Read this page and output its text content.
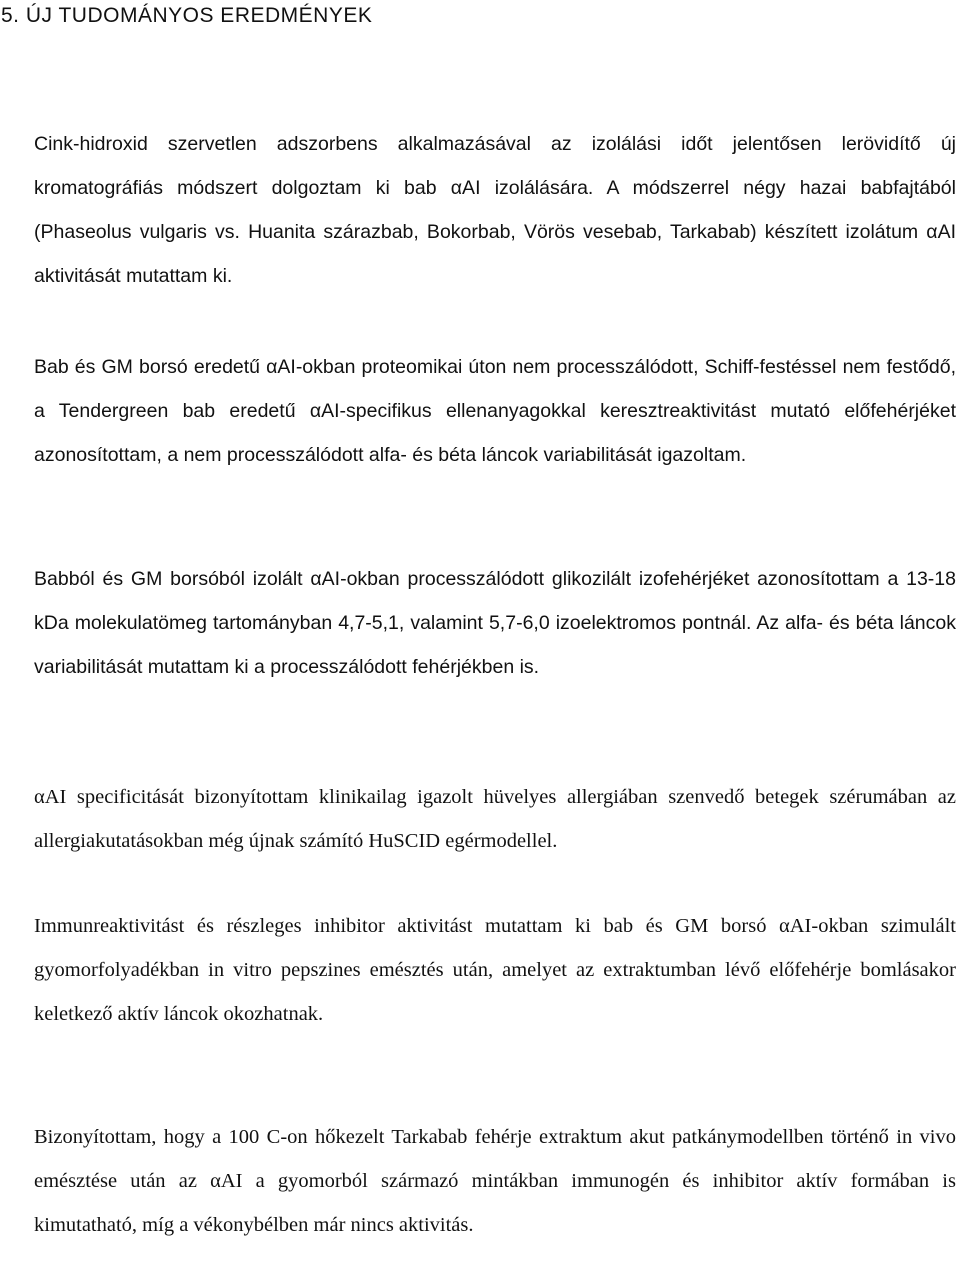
5. ÚJ TUDOMÁNYOS EREDMÉNYEK

Cink-hidroxid szervetlen adszorbens alkalmazásával az izolálási időt jelentősen lerövidítő új kromatográfiás módszert dolgoztam ki bab αAI izolálására. A módszerrel négy hazai babfajtából (Phaseolus vulgaris vs. Huanita szárazbab, Bokorbab, Vörös vesebab, Tarkabab) készített izolátum αAI aktivitását mutattam ki.

Bab és GM borsó eredetű αAI-okban proteomikai úton nem processzálódott, Schiff-festéssel nem festődő, a Tendergreen bab eredetű αAI-specifikus ellenanyagokkal keresztreaktivitást mutató előfehérjéket azonosítottam, a nem processzálódott alfa- és béta láncok variabilitását igazoltam.

Babból és GM borsóból izolált αAI-okban processzálódott glikozilált izofehérjéket azonosítottam a 13-18 kDa molekulatömeg tartományban 4,7-5,1, valamint 5,7-6,0 izoelektromos pontnál. Az alfa- és béta láncok variabilitását mutattam ki a processzálódott fehérjékben is.

αAI specificitását bizonyítottam klinikailag igazolt hüvelyes allergiában szenvedő betegek szérumában az allergiakutatásokban még újnak számító HuSCID egérmodellel.

Immunreaktivitást és részleges inhibitor aktivitást mutattam ki bab és GM borsó αAI-okban szimulált gyomorfolyadékban in vitro pepszines emésztés után, amelyet az extraktumban lévő előfehérje bomlásakor keletkező aktív láncok okozhatnak.

Bizonyítottam, hogy a 100 C-on hőkezelt Tarkabab fehérje extraktum akut patkánymodellben történő in vivo emésztése után az αAI a gyomorból származó mintákban immunogén és inhibitor aktív formában is kimutatható, míg a vékonybélben már nincs aktivitás.
